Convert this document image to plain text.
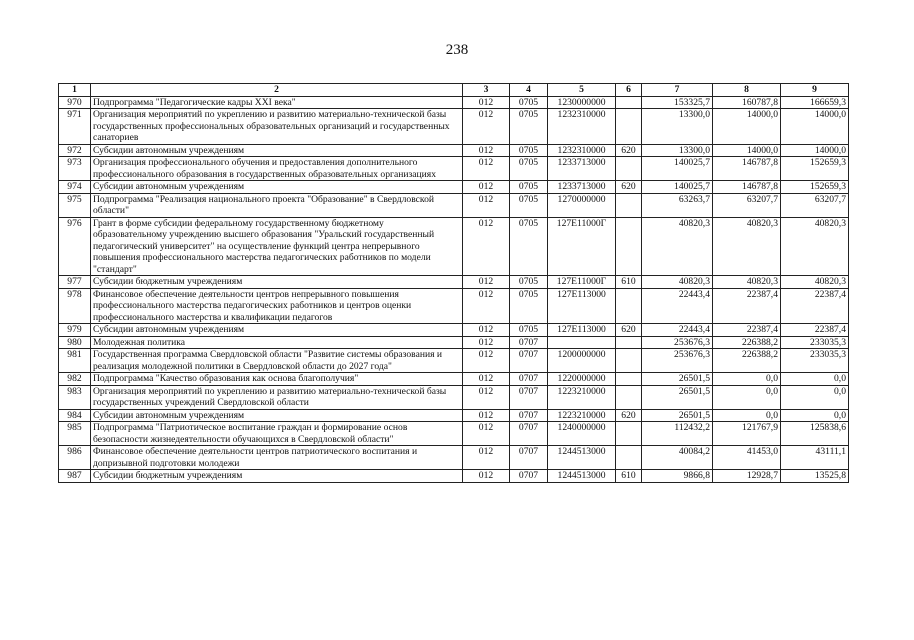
238
1	2	3	4	5	6	7	8	9
970	Подпрограмма "Педагогические кадры XXI века"	012	0705	1230000000		153325,7	160787,8	166659,3
971	Организация мероприятий по укреплению и развитию материально-технической базы государственных профессиональных образовательных организаций и государственных санаториев	012	0705	1232310000		13300,0	14000,0	14000,0
972	Субсидии автономным учреждениям	012	0705	1232310000	620	13300,0	14000,0	14000,0
973	Организация профессионального обучения и предоставления дополнительного профессионального образования в государственных образовательных организациях	012	0705	1233713000		140025,7	146787,8	152659,3
974	Субсидии автономным учреждениям	012	0705	1233713000	620	140025,7	146787,8	152659,3
975	Подпрограмма "Реализация национального проекта "Образование" в Свердловской области"	012	0705	1270000000		63263,7	63207,7	63207,7
976	Грант в форме субсидии федеральному государственному бюджетному образовательному учреждению высшего образования "Уральский государственный педагогический университет" на осуществление функций центра непрерывного повышения профессионального мастерства педагогических работников по модели "стандарт"	012	0705	127E11000Г		40820,3	40820,3	40820,3
977	Субсидии бюджетным учреждениям	012	0705	127E11000Г	610	40820,3	40820,3	40820,3
978	Финансовое обеспечение деятельности центров непрерывного повышения профессионального мастерства педагогических работников и центров оценки профессионального мастерства и квалификации педагогов	012	0705	127E113000		22443,4	22387,4	22387,4
979	Субсидии автономным учреждениям	012	0705	127E113000	620	22443,4	22387,4	22387,4
980	Молодежная политика	012	0707			253676,3	226388,2	233035,3
981	Государственная программа Свердловской области "Развитие системы образования и реализация молодежной политики в Свердловской области до 2027 года"	012	0707	1200000000		253676,3	226388,2	233035,3
982	Подпрограмма "Качество образования как основа благополучия"	012	0707	1220000000		26501,5	0,0	0,0
983	Организация мероприятий по укреплению и развитию материально-технической базы государственных учреждений Свердловской области	012	0707	1223210000		26501,5	0,0	0,0
984	Субсидии автономным учреждениям	012	0707	1223210000	620	26501,5	0,0	0,0
985	Подпрограмма "Патриотическое воспитание граждан и формирование основ безопасности жизнедеятельности обучающихся в Свердловской области"	012	0707	1240000000		112432,2	121767,9	125838,6
986	Финансовое обеспечение деятельности центров патриотического воспитания и допризывной подготовки молодежи	012	0707	1244513000		40084,2	41453,0	43111,1
987	Субсидии бюджетным учреждениям	012	0707	1244513000	610	9866,8	12928,7	13525,8
